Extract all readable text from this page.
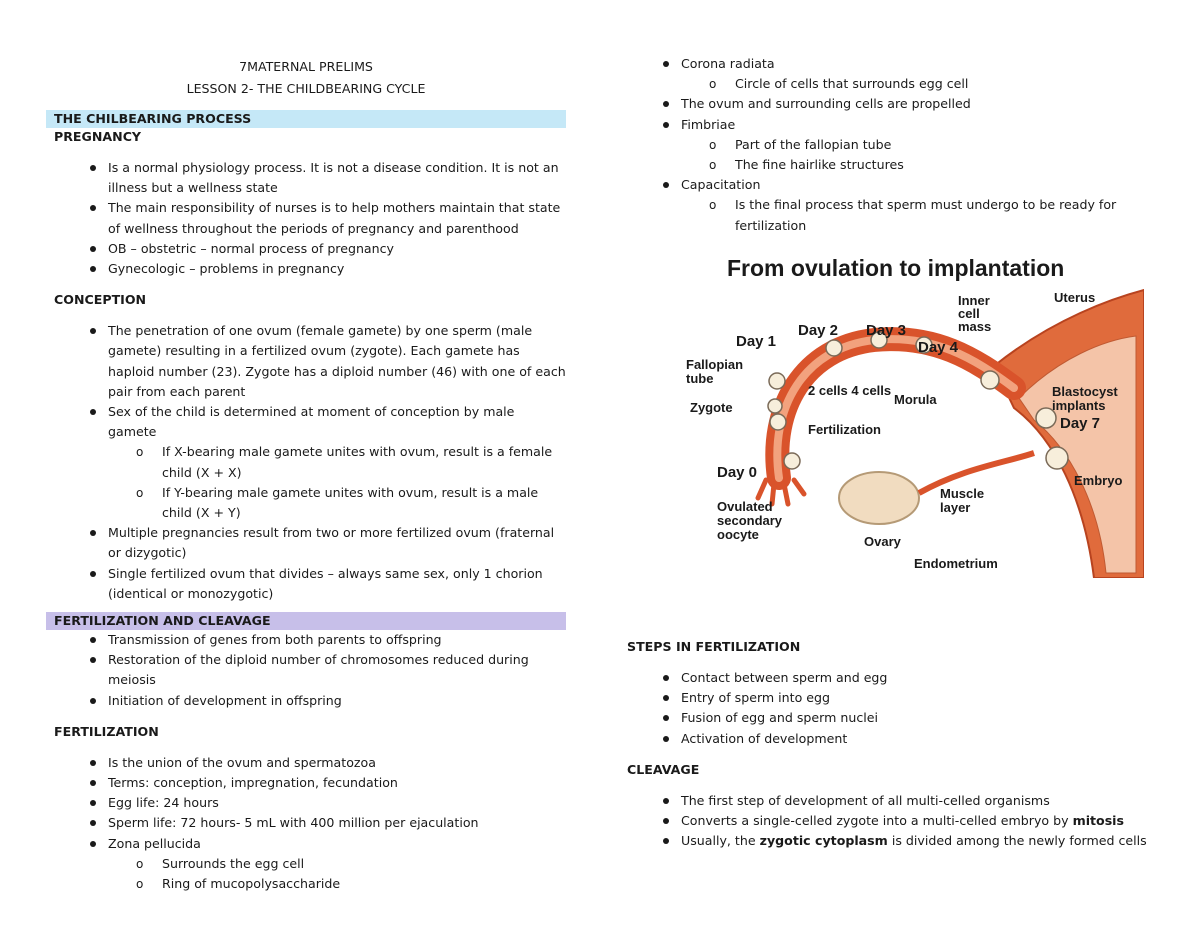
7MATERNAL PRELIMS
LESSON 2- THE CHILDBEARING CYCLE
THE CHILBEARING PROCESS
PREGNANCY
Is a normal physiology process. It is not a disease condition. It is not an illness but a wellness state
The main responsibility of nurses is to help mothers maintain that state of wellness throughout the periods of pregnancy and parenthood
OB – obstetric – normal process of pregnancy
Gynecologic – problems in pregnancy
CONCEPTION
The penetration of one ovum (female gamete) by one sperm (male gamete) resulting in a fertilized ovum (zygote). Each gamete has haploid number (23). Zygote has a diploid number (46) with one of each pair from each parent
Sex of the child is determined at moment of conception by male gamete
o If X-bearing male gamete unites with ovum, result is a female child (X + X)
o If Y-bearing male gamete unites with ovum, result is a male child (X + Y)
Multiple pregnancies result from two or more fertilized ovum (fraternal or dizygotic)
Single fertilized ovum that divides – always same sex, only 1 chorion (identical or monozygotic)
FERTILIZATION AND CLEAVAGE
Transmission of genes from both parents to offspring
Restoration of the diploid number of chromosomes reduced during meiosis
Initiation of development in offspring
FERTILIZATION
Is the union of the ovum and spermatozoa
Terms: conception, impregnation, fecundation
Egg life: 24 hours
Sperm life: 72 hours- 5 mL with 400 million per ejaculation
Zona pellucida
o Surrounds the egg cell
o Ring of mucopolysaccharide
Corona radiata
o Circle of cells that surrounds egg cell
The ovum and surrounding cells are propelled
Fimbriae
o Part of the fallopian tube
o The fine hairlike structures
Capacitation
o Is the final process that sperm must undergo to be ready for fertilization
From ovulation to implantation
Day 1
Day 2 Day 3
Day 4
Day 7
Day 0
Fallopian
tube
Zygote
2 cells 4 cells
Fertilization
Morula
Inner
cell
mass
Uterus
Blastocyst
implants
Embryo
Muscle
layer
Ovulated
secondary
oocyte	Ovary
Endometrium
STEPS IN FERTILIZATION
Contact between sperm and egg
Entry of sperm into egg
Fusion of egg and sperm nuclei
Activation of development
CLEAVAGE
The first step of development of all multi-celled organisms
Converts a single-celled zygote into a multi-celled embryo by mitosis
Usually, the zygotic cytoplasm is divided among the newly formed cells
